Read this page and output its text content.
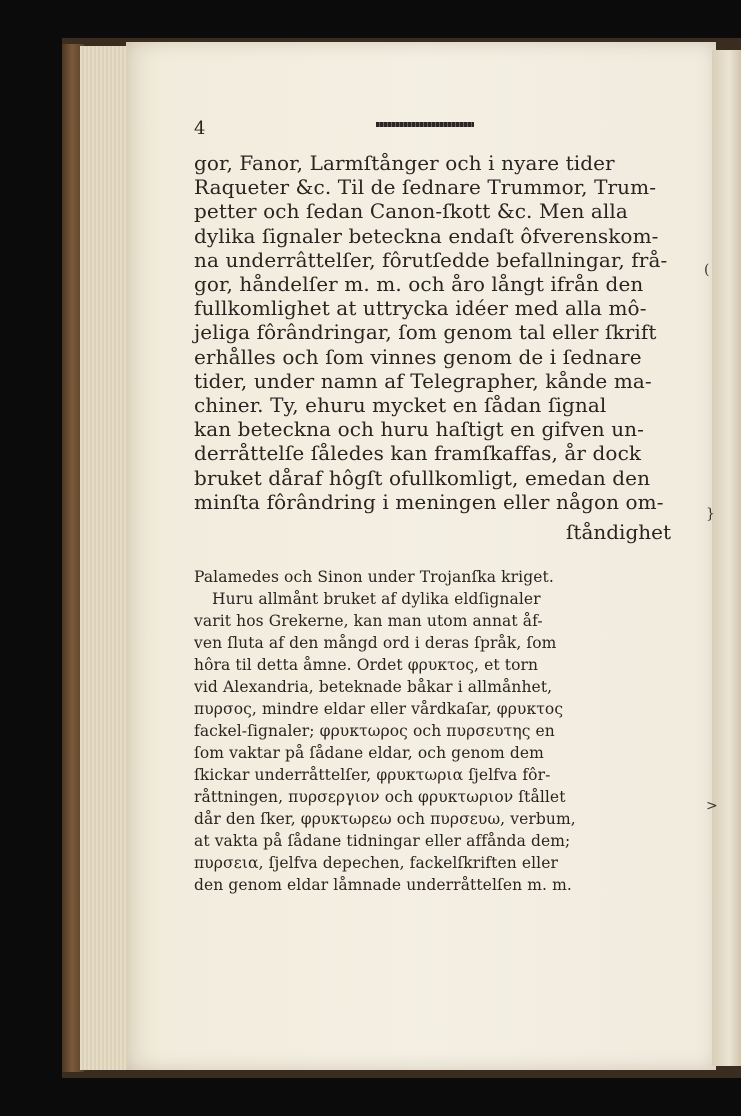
4
gor, Fanor, Larmſtånger och i nyare tider
Raqueter &c. Til de ſednare Trummor, Trum-
petter och ſedan Canon-ſkott &c. Men alla
dylika ſignaler beteckna endaſt ôfverenskom-
na underrâttelſer, fôrutſedde befallningar, frå-
gor, håndelſer m. m. och åro långt ifrån den
fullkomlighet at uttrycka idéer med alla mô-
jeliga fôrândringar, ſom genom tal eller ſkrift
erhålles och ſom vinnes genom de i ſednare
tider, under namn af Telegrapher, kånde ma-
chiner. Ty, ehuru mycket en ſådan ſignal
kan beteckna och huru haſtigt en gifven un-
derråttelſe ſåledes kan framſkaffas, år dock
bruket dåraf hôgſt ofullkomligt, emedan den
minſta fôrândring i meningen eller någon om-
ſtåndighet
Palamedes och Sinon under Trojanſka kriget.
Huru allmånt bruket af dylika eldſignaler
varit hos Grekerne, kan man utom annat åf-
ven ſluta af den mångd ord i deras ſpråk, ſom
hôra til detta åmne. Ordet φρυκτος, et torn
vid Alexandria, beteknade båkar i allmånhet,
πυρσος, mindre eldar eller vårdkaſar, φρυκτος
fackel-ſignaler; φρυκτωρος och πυρσευτης en
ſom vaktar på ſådane eldar, och genom dem
ſkickar underråttelſer, φρυκτωρια ſjelfva fôr-
råttningen, πυρσεργιον och φρυκτωριον ſtållet
dår den ſker, φρυκτωρεω och πυρσευω, verbum,
at vakta på ſådane tidningar eller affånda dem;
πυρσεια, ſjelfva depechen, fackelſkriften eller
den genom eldar låmnade underråttelſen m. m.
(
}
>
